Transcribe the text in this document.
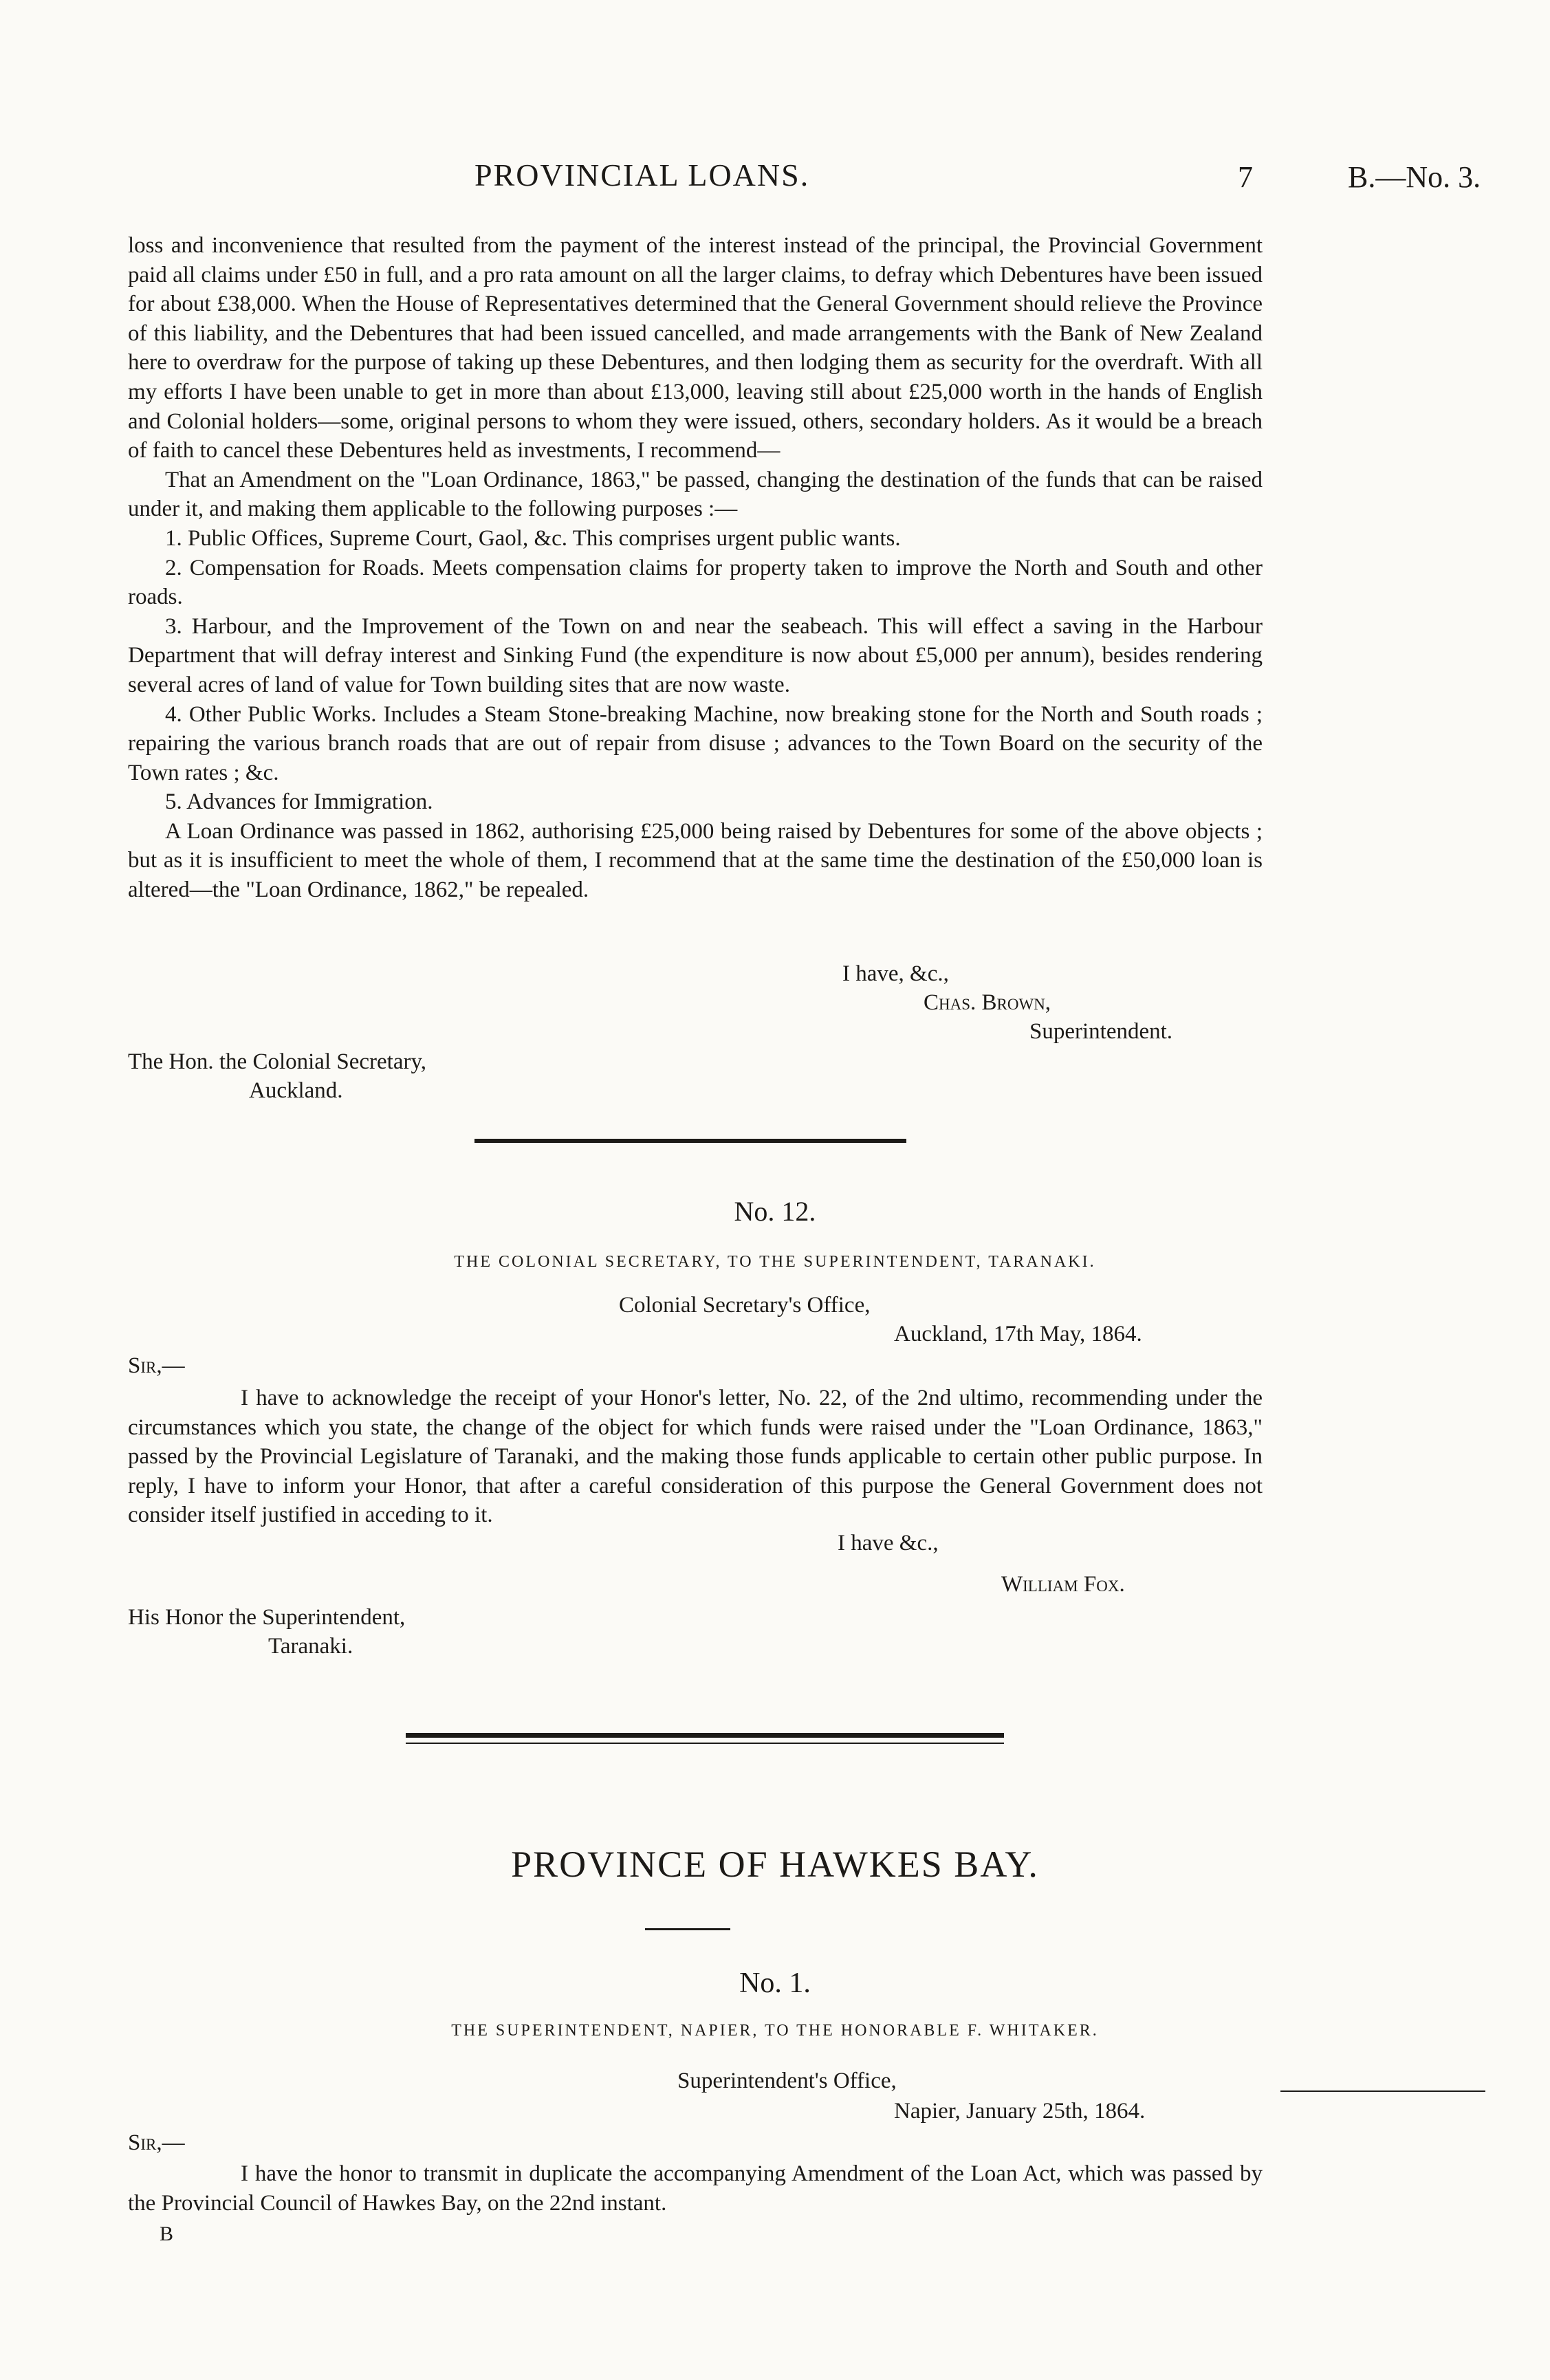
PROVINCIAL LOANS.	7	B.—No. 3.

loss and inconvenience that resulted from the payment of the interest instead of the principal, the Provincial Government paid all claims under £50 in full, and a pro rata amount on all the larger claims, to defray which Debentures have been issued for about £38,000. When the House of Representatives determined that the General Government should relieve the Province of this liability, and the Debentures that had been issued cancelled, and made arrangements with the Bank of New Zealand here to overdraw for the purpose of taking up these Debentures, and then lodging them as security for the overdraft. With all my efforts I have been unable to get in more than about £13,000, leaving still about £25,000 worth in the hands of English and Colonial holders—some, original persons to whom they were issued, others, secondary holders. As it would be a breach of faith to cancel these Debentures held as investments, I recommend—

That an Amendment on the "Loan Ordinance, 1863," be passed, changing the destination of the funds that can be raised under it, and making them applicable to the following purposes :—

1. Public Offices, Supreme Court, Gaol, &c. This comprises urgent public wants.

2. Compensation for Roads. Meets compensation claims for property taken to improve the North and South and other roads.

3. Harbour, and the Improvement of the Town on and near the seabeach. This will effect a saving in the Harbour Department that will defray interest and Sinking Fund (the expenditure is now about £5,000 per annum), besides rendering several acres of land of value for Town building sites that are now waste.

4. Other Public Works. Includes a Steam Stone-breaking Machine, now breaking stone for the North and South roads ; repairing the various branch roads that are out of repair from disuse ; advances to the Town Board on the security of the Town rates ; &c.

5. Advances for Immigration.

A Loan Ordinance was passed in 1862, authorising £25,000 being raised by Debentures for some of the above objects ; but as it is insufficient to meet the whole of them, I recommend that at the same time the destination of the £50,000 loan is altered—the "Loan Ordinance, 1862," be repealed.

I have, &c.,
Chas. Brown,
Superintendent.
The Hon. the Colonial Secretary,
Auckland.
No. 12.
THE COLONIAL SECRETARY, TO THE SUPERINTENDENT, TARANAKI.
Colonial Secretary's Office,
Auckland, 17th May, 1864.
Sir,—
I have to acknowledge the receipt of your Honor's letter, No. 22, of the 2nd ultimo, recommending under the circumstances which you state, the change of the object for which funds were raised under the "Loan Ordinance, 1863," passed by the Provincial Legislature of Taranaki, and the making those funds applicable to certain other public purpose. In reply, I have to inform your Honor, that after a careful consideration of this purpose the General Government does not consider itself justified in acceding to it.
I have &c.,
William Fox.
His Honor the Superintendent,
Taranaki.
PROVINCE OF HAWKES BAY.
No. 1.
THE SUPERINTENDENT, NAPIER, TO THE HONORABLE F. WHITAKER.
Superintendent's Office,
Napier, January 25th, 1864.
Sir,—
I have the honor to transmit in duplicate the accompanying Amendment of the Loan Act, which was passed by the Provincial Council of Hawkes Bay, on the 22nd instant.
B
